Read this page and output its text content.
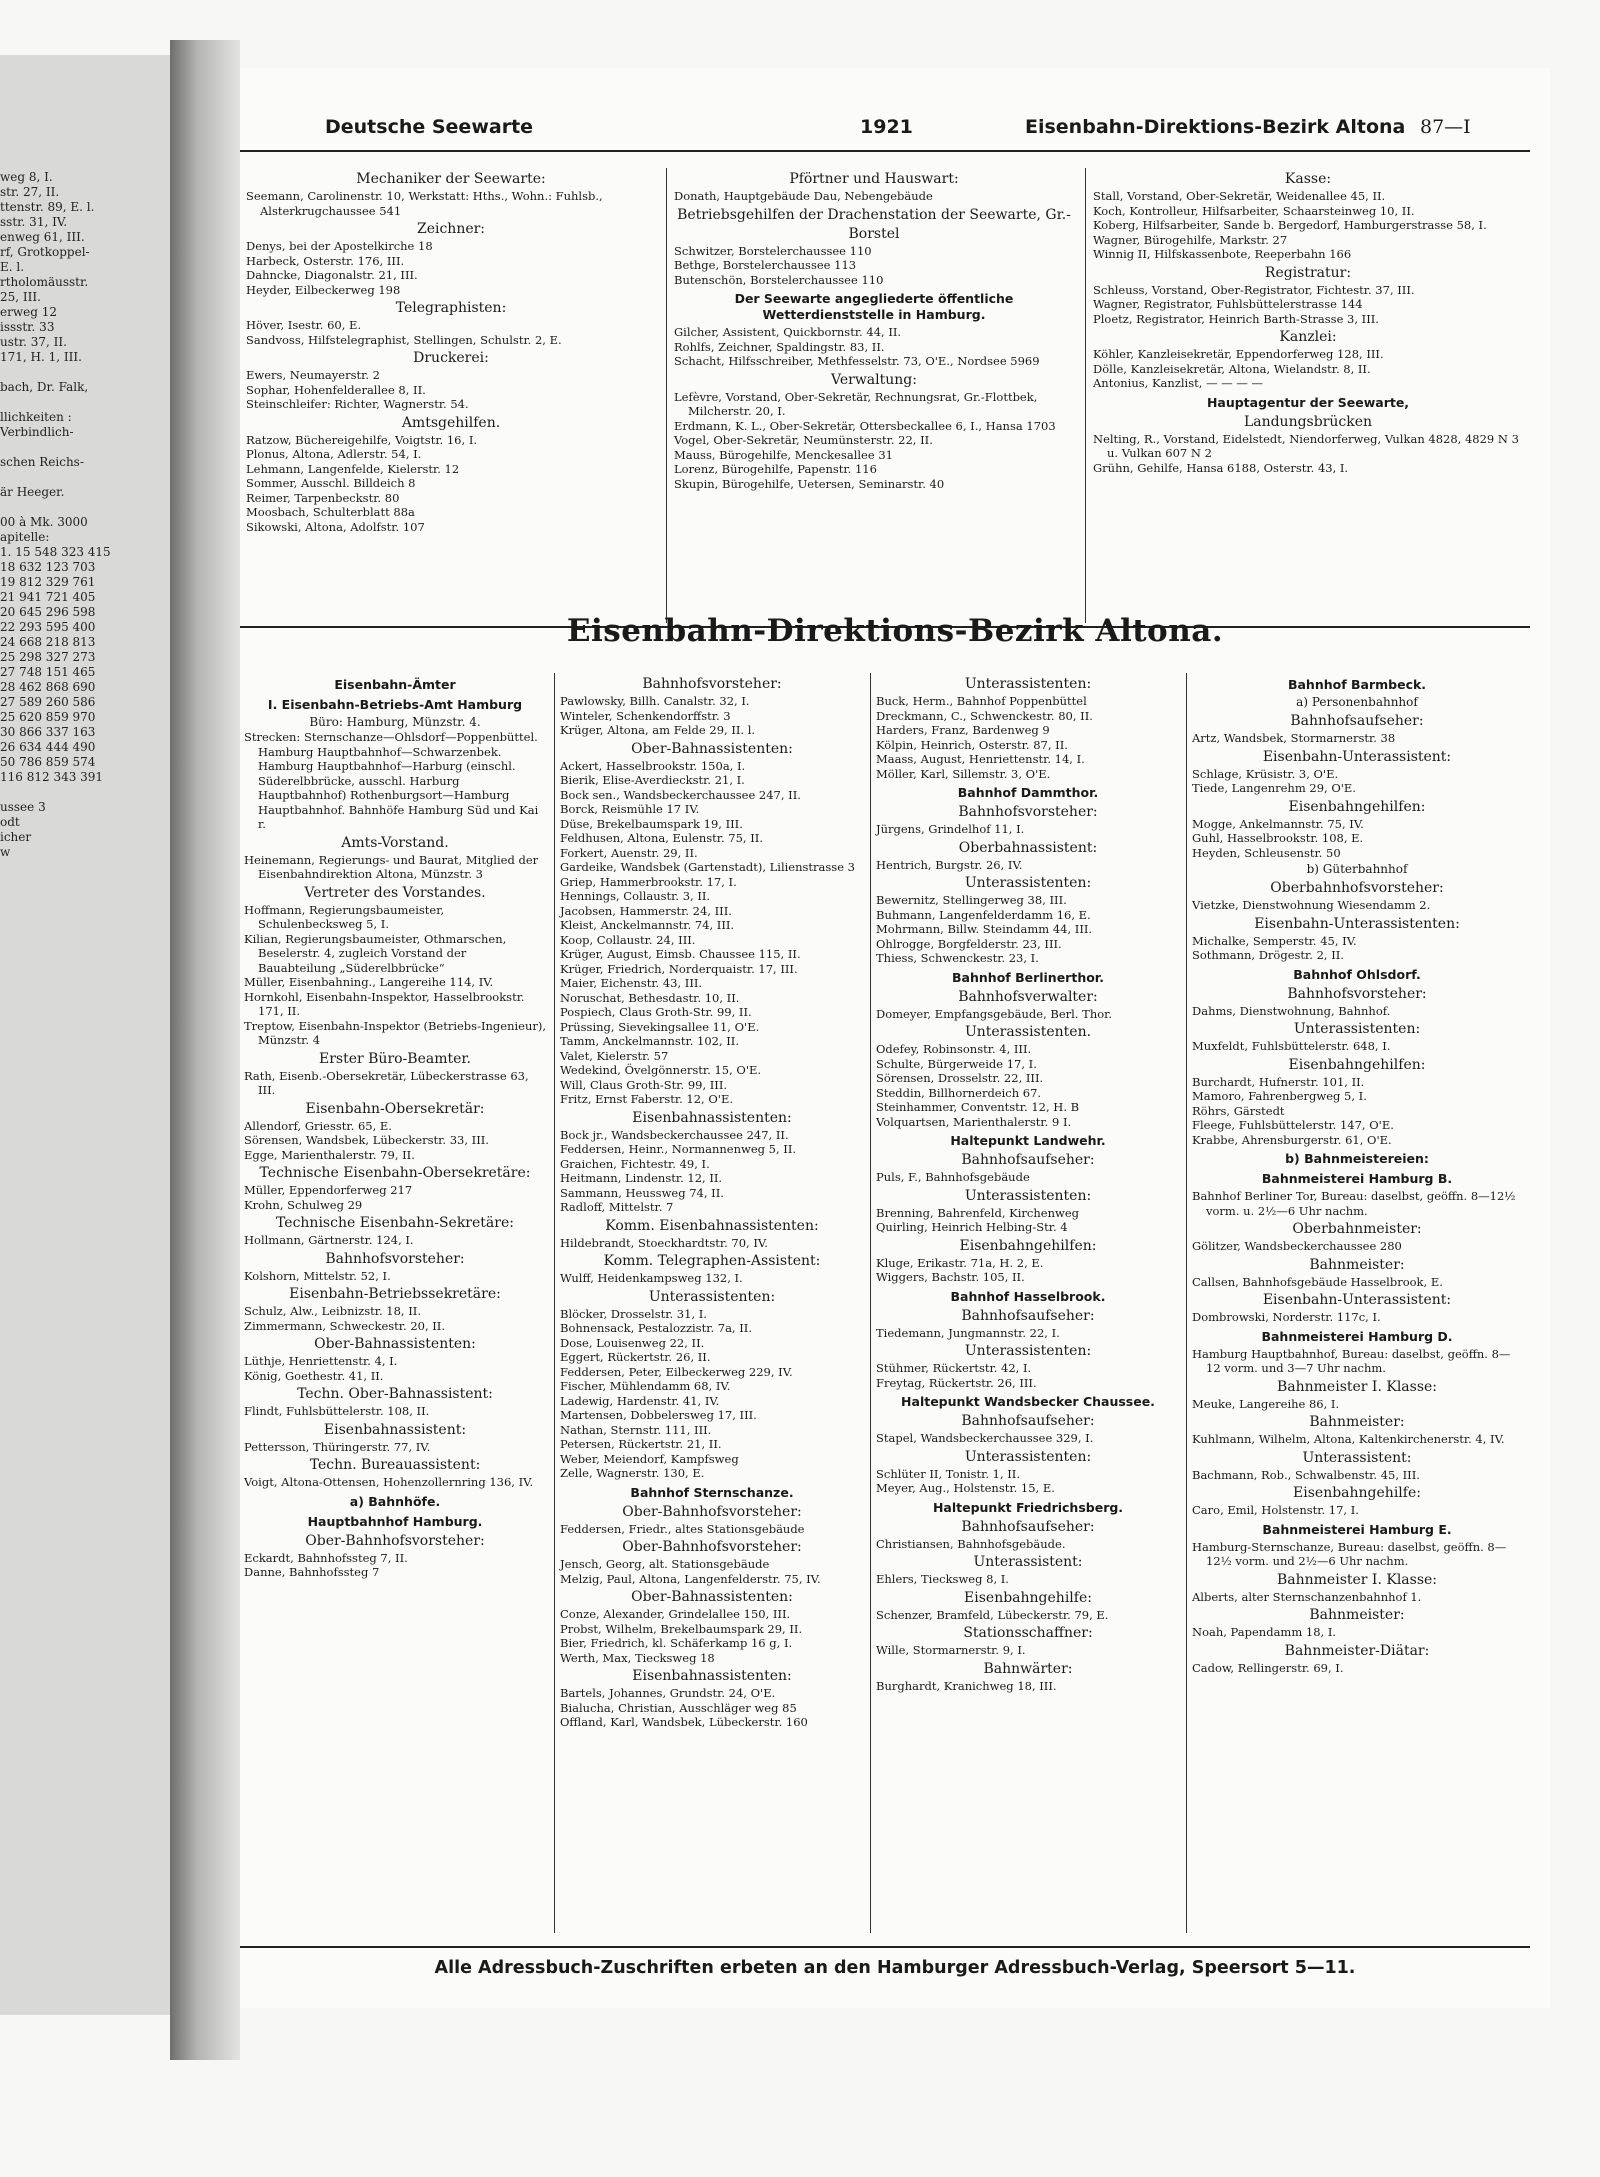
weg 8, I.
str. 27, II.
ttenstr. 89, E. l.
sstr. 31, IV.
enweg 61, III.
rf, Grotkoppel-
E. l.
rtholomäusstr.
25, III.
erweg 12
issstr. 33
ustr. 37, II.
171, H. 1, III.

bach, Dr. Falk,

llichkeiten :
Verbindlich-

schen Reichs-

är Heeger.

00 à Mk. 3000
apitelle:
1. 15 548 323 415
18 632 123 703
19 812 329 761
21 941 721 405
20 645 296 598
22 293 595 400
24 668 218 813
25 298 327 273
27 748 151 465
28 462 868 690
27 589 260 586
25 620 859 970
30 866 337 163
26 634 444 490
50 786 859 574
116 812 343 391

ussee 3
odt
icher
w
Deutsche Seewarte	1921	Eisenbahn-Direktions-Bezirk Altona 87—I
Mechaniker der Seewarte:
Seemann, Carolinenstr. 10, Werkstatt: Hths., Wohn.: Fuhlsb., Alsterkrugchaussee 541
Zeichner:
Denys, bei der Apostelkirche 18
Harbeck, Osterstr. 176, III.
Dahncke, Diagonalstr. 21, III.
Heyder, Eilbeckerweg 198
Telegraphisten:
Höver, Isestr. 60, E.
Sandvoss, Hilfstelegraphist, Stellingen, Schulstr. 2, E.
Druckerei:
Ewers, Neumayerstr. 2
Sophar, Hohenfelderallee 8, II.
Steinschleifer: Richter, Wagnerstr. 54.
Amtsgehilfen.
Ratzow, Büchereigehilfe, Voigtstr. 16, I.
Plonus, Altona, Adlerstr. 54, I.
Lehmann, Langenfelde, Kielerstr. 12
Sommer, Ausschl. Billdeich 8
Reimer, Tarpenbeckstr. 80
Moosbach, Schulterblatt 88a
Sikowski, Altona, Adolfstr. 107
Pförtner und Hauswart:
Donath, Hauptgebäude Dau, Nebengebäude
Betriebsgehilfen der Drachenstation der Seewarte, Gr.-Borstel
Schwitzer, Borstelerchaussee 110
Bethge, Borstelerchaussee 113
Butenschön, Borstelerchaussee 110
Der Seewarte angegliederte öffentliche Wetterdienststelle in Hamburg.
Gilcher, Assistent, Quickbornstr. 44, II.
Rohlfs, Zeichner, Spaldingstr. 83, II.
Schacht, Hilfsschreiber, Methfesselstr. 73, O'E., Nordsee 5969
Verwaltung:
Lefèvre, Vorstand, Ober-Sekretär, Rechnungsrat, Gr.-Flottbek, Milcherstr. 20, I.
Erdmann, K. L., Ober-Sekretär, Ottersbeckallee 6, I., Hansa 1703
Vogel, Ober-Sekretär, Neumünsterstr. 22, II.
Mauss, Bürogehilfe, Menckesallee 31
Lorenz, Bürogehilfe, Papenstr. 116
Skupin, Bürogehilfe, Uetersen, Seminarstr. 40
Kasse:
Stall, Vorstand, Ober-Sekretär, Weidenallee 45, II.
Koch, Kontrolleur, Hilfsarbeiter, Schaarsteinweg 10, II.
Koberg, Hilfsarbeiter, Sande b. Bergedorf, Hamburgerstrasse 58, I.
Wagner, Bürogehilfe, Markstr. 27
Winnig II, Hilfskassenbote, Reeperbahn 166
Registratur:
Schleuss, Vorstand, Ober-Registrator, Fichtestr. 37, III.
Wagner, Registrator, Fuhlsbüttelerstrasse 144
Ploetz, Registrator, Heinrich Barth-Strasse 3, III.
Kanzlei:
Köhler, Kanzleisekretär, Eppendorferweg 128, III.
Dölle, Kanzleisekretär, Altona, Wielandstr. 8, II.
Antonius, Kanzlist, — — — —
Hauptagentur der Seewarte,
Landungsbrücken
Nelting, R., Vorstand, Eidelstedt, Niendorferweg, Vulkan 4828, 4829 N 3 u. Vulkan 607 N 2
Grühn, Gehilfe, Hansa 6188, Osterstr. 43, I.
Eisenbahn-Direktions-Bezirk Altona.
Eisenbahn-Ämter
I. Eisenbahn-Betriebs-Amt Hamburg
Büro: Hamburg, Münzstr. 4.
Strecken: Sternschanze—Ohlsdorf—Poppenbüttel. Hamburg Hauptbahnhof—Schwarzenbek. Hamburg Hauptbahnhof—Harburg (einschl. Süderelbbrücke, ausschl. Harburg Hauptbahnhof) Rothenburgsort—Hamburg Hauptbahnhof. Bahnhöfe Hamburg Süd und Kai r.
Amts-Vorstand.
Heinemann, Regierungs- und Baurat, Mitglied der Eisenbahndirektion Altona, Münzstr. 3
Vertreter des Vorstandes.
Hoffmann, Regierungsbaumeister, Schulenbecksweg 5, I.
Kilian, Regierungsbaumeister, Othmarschen, Beselerstr. 4, zugleich Vorstand der Bauabteilung „Süderelbbrücke“
Müller, Eisenbahning., Langereihe 114, IV.
Hornkohl, Eisenbahn-Inspektor, Hasselbrookstr. 171, II.
Treptow, Eisenbahn-Inspektor (Betriebs-Ingenieur), Münzstr. 4
Erster Büro-Beamter.
Rath, Eisenb.-Obersekretär, Lübeckerstrasse 63, III.
Eisenbahn-Obersekretär:
Allendorf, Griesstr. 65, E.
Sörensen, Wandsbek, Lübeckerstr. 33, III.
Egge, Marienthalerstr. 79, II.
Technische Eisenbahn-Obersekretäre:
Müller, Eppendorferweg 217
Krohn, Schulweg 29
Technische Eisenbahn-Sekretäre:
Hollmann, Gärtnerstr. 124, I.
Bahnhofsvorsteher:
Kolshorn, Mittelstr. 52, I.
Eisenbahn-Betriebssekretäre:
Schulz, Alw., Leibnizstr. 18, II.
Zimmermann, Schweckestr. 20, II.
Ober-Bahnassistenten:
Lüthje, Henriettenstr. 4, I.
König, Goethestr. 41, II.
Techn. Ober-Bahnassistent:
Flindt, Fuhlsbüttelerstr. 108, II.
Eisenbahnassistent:
Pettersson, Thüringerstr. 77, IV.
Techn. Bureauassistent:
Voigt, Altona-Ottensen, Hohenzollernring 136, IV.
a) Bahnhöfe.
Hauptbahnhof Hamburg.
Ober-Bahnhofsvorsteher:
Eckardt, Bahnhofssteg 7, II.
Danne, Bahnhofssteg 7
Bahnhofsvorsteher:
Pawlowsky, Billh. Canalstr. 32, I.
Winteler, Schenkendorffstr. 3
Krüger, Altona, am Felde 29, II. l.
Ober-Bahnassistenten:
Ackert, Hasselbrookstr. 150a, I.
Bierik, Elise-Averdieckstr. 21, I.
Bock sen., Wandsbeckerchaussee 247, II.
Borck, Reismühle 17 IV.
Düse, Brekelbaumspark 19, III.
Feldhusen, Altona, Eulenstr. 75, II.
Forkert, Auenstr. 29, II.
Gardeike, Wandsbek (Gartenstadt), Lilienstrasse 3
Griep, Hammerbrookstr. 17, I.
Hennings, Collaustr. 3, II.
Jacobsen, Hammerstr. 24, III.
Kleist, Anckelmannstr. 74, III.
Koop, Collaustr. 24, III.
Krüger, August, Eimsb. Chaussee 115, II.
Krüger, Friedrich, Norderquaistr. 17, III.
Maier, Eichenstr. 43, III.
Noruschat, Bethesdastr. 10, II.
Pospiech, Claus Groth-Str. 99, II.
Prüssing, Sievekingsallee 11, O'E.
Tamm, Anckelmannstr. 102, II.
Valet, Kielerstr. 57
Wedekind, Övelgönnerstr. 15, O'E.
Will, Claus Groth-Str. 99, III.
Fritz, Ernst Faberstr. 12, O'E.
Eisenbahnassistenten:
Bock jr., Wandsbeckerchaussee 247, II.
Feddersen, Heinr., Normannenweg 5, II.
Graichen, Fichtestr. 49, I.
Heitmann, Lindenstr. 12, II.
Sammann, Heussweg 74, II.
Radloff, Mittelstr. 7
Komm. Eisenbahnassistenten:
Hildebrandt, Stoeckhardtstr. 70, IV.
Komm. Telegraphen-Assistent:
Wulff, Heidenkampsweg 132, I.
Unterassistenten:
Blöcker, Drosselstr. 31, I.
Bohnensack, Pestalozzistr. 7a, II.
Dose, Louisenweg 22, II.
Eggert, Rückertstr. 26, II.
Feddersen, Peter, Eilbeckerweg 229, IV.
Fischer, Mühlendamm 68, IV.
Ladewig, Hardenstr. 41, IV.
Martensen, Dobbelersweg 17, III.
Nathan, Sternstr. 111, III.
Petersen, Rückertstr. 21, II.
Weber, Meiendorf, Kampfsweg
Zelle, Wagnerstr. 130, E.
Bahnhof Sternschanze.
Ober-Bahnhofsvorsteher:
Feddersen, Friedr., altes Stationsgebäude
Ober-Bahnhofsvorsteher:
Jensch, Georg, alt. Stationsgebäude
Melzig, Paul, Altona, Langenfelderstr. 75, IV.
Ober-Bahnassistenten:
Conze, Alexander, Grindelallee 150, III.
Probst, Wilhelm, Brekelbaumspark 29, II.
Bier, Friedrich, kl. Schäferkamp 16 g, I.
Werth, Max, Tiecksweg 18
Eisenbahnassistenten:
Bartels, Johannes, Grundstr. 24, O'E.
Bialucha, Christian, Ausschläger weg 85
Offland, Karl, Wandsbek, Lübeckerstr. 160
Unterassistenten:
Buck, Herm., Bahnhof Poppenbüttel
Dreckmann, C., Schwenckestr. 80, II.
Harders, Franz, Bardenweg 9
Kölpin, Heinrich, Osterstr. 87, II.
Maass, August, Henriettenstr. 14, I.
Möller, Karl, Sillemstr. 3, O'E.
Bahnhof Dammthor.
Bahnhofsvorsteher:
Jürgens, Grindelhof 11, I.
Oberbahnassistent:
Hentrich, Burgstr. 26, IV.
Unterassistenten:
Bewernitz, Stellingerweg 38, III.
Buhmann, Langenfelderdamm 16, E.
Mohrmann, Billw. Steindamm 44, III.
Ohlrogge, Borgfelderstr. 23, III.
Thiess, Schwenckestr. 23, I.
Bahnhof Berlinerthor.
Bahnhofsverwalter:
Domeyer, Empfangsgebäude, Berl. Thor.
Unterassistenten.
Odefey, Robinsonstr. 4, III.
Schulte, Bürgerweide 17, I.
Sörensen, Drosselstr. 22, III.
Steddin, Billhornerdeich 67.
Steinhammer, Conventstr. 12, H. B
Volquartsen, Marienthalerstr. 9 I.
Haltepunkt Landwehr.
Bahnhofsaufseher:
Puls, F., Bahnhofsgebäude
Unterassistenten:
Brenning, Bahrenfeld, Kirchenweg
Quirling, Heinrich Helbing-Str. 4
Eisenbahngehilfen:
Kluge, Erikastr. 71a, H. 2, E.
Wiggers, Bachstr. 105, II.
Bahnhof Hasselbrook.
Bahnhofsaufseher:
Tiedemann, Jungmannstr. 22, I.
Unterassistenten:
Stühmer, Rückertstr. 42, I.
Freytag, Rückertstr. 26, III.
Haltepunkt Wandsbecker Chaussee.
Bahnhofsaufseher:
Stapel, Wandsbeckerchaussee 329, I.
Unterassistenten:
Schlüter II, Tonistr. 1, II.
Meyer, Aug., Holstenstr. 15, E.
Haltepunkt Friedrichsberg.
Bahnhofsaufseher:
Christiansen, Bahnhofsgebäude.
Unterassistent:
Ehlers, Tiecksweg 8, I.
Eisenbahngehilfe:
Schenzer, Bramfeld, Lübeckerstr. 79, E.
Stationsschaffner:
Wille, Stormarnerstr. 9, I.
Bahnwärter:
Burghardt, Kranichweg 18, III.
Bahnhof Barmbeck.
a) Personenbahnhof
Bahnhofsaufseher:
Artz, Wandsbek, Stormarnerstr. 38
Eisenbahn-Unterassistent:
Schlage, Krüsistr. 3, O'E.
Tiede, Langenrehm 29, O'E.
Eisenbahngehilfen:
Mogge, Ankelmannstr. 75, IV.
Guhl, Hasselbrookstr. 108, E.
Heyden, Schleusenstr. 50
b) Güterbahnhof
Oberbahnhofsvorsteher:
Vietzke, Dienstwohnung Wiesendamm 2.
Eisenbahn-Unterassistenten:
Michalke, Semperstr. 45, IV.
Sothmann, Drögestr. 2, II.
Bahnhof Ohlsdorf.
Bahnhofsvorsteher:
Dahms, Dienstwohnung, Bahnhof.
Unterassistenten:
Muxfeldt, Fuhlsbüttelerstr. 648, I.
Eisenbahngehilfen:
Burchardt, Hufnerstr. 101, II.
Mamoro, Fahrenbergweg 5, I.
Röhrs, Gärstedt
Fleege, Fuhlsbüttelerstr. 147, O'E.
Krabbe, Ahrensburgerstr. 61, O'E.
b) Bahnmeistereien:
Bahnmeisterei Hamburg B.
Bahnhof Berliner Tor, Bureau: daselbst, geöffn. 8—12½ vorm. u. 2½—6 Uhr nachm.
Oberbahnmeister:
Gölitzer, Wandsbeckerchaussee 280
Bahnmeister:
Callsen, Bahnhofsgebäude Hasselbrook, E.
Eisenbahn-Unterassistent:
Dombrowski, Norderstr. 117c, I.
Bahnmeisterei Hamburg D.
Hamburg Hauptbahnhof, Bureau: daselbst, geöffn. 8—12 vorm. und 3—7 Uhr nachm.
Bahnmeister I. Klasse:
Meuke, Langereihe 86, I.
Bahnmeister:
Kuhlmann, Wilhelm, Altona, Kaltenkirchenerstr. 4, IV.
Unterassistent:
Bachmann, Rob., Schwalbenstr. 45, III.
Eisenbahngehilfe:
Caro, Emil, Holstenstr. 17, I.
Bahnmeisterei Hamburg E.
Hamburg-Sternschanze, Bureau: daselbst, geöffn. 8—12½ vorm. und 2½—6 Uhr nachm.
Bahnmeister I. Klasse:
Alberts, alter Sternschanzenbahnhof 1.
Bahnmeister:
Noah, Papendamm 18, I.
Bahnmeister-Diätar:
Cadow, Rellingerstr. 69, I.
Alle Adressbuch-Zuschriften erbeten an den Hamburger Adressbuch-Verlag, Speersort 5—11.
